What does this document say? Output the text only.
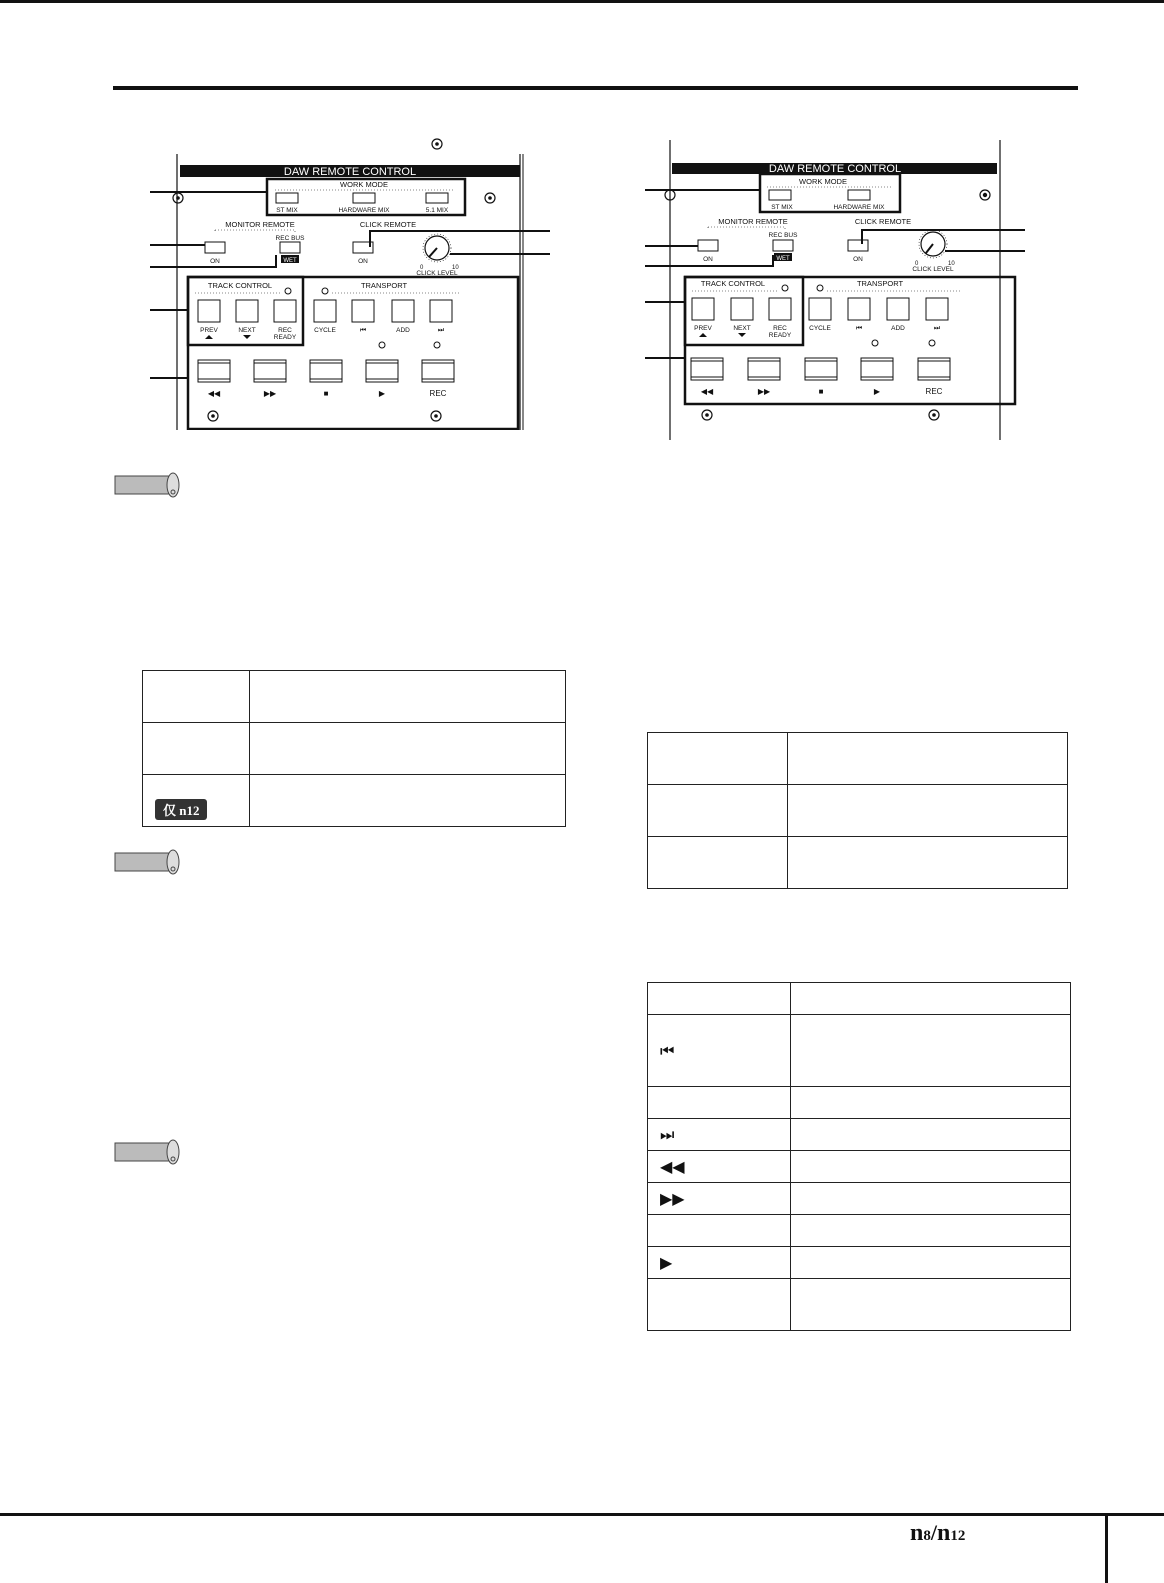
DAW REMOTE CONTROL
WORK MODE
ST MIX	HARDWARE MIX	5.1 MIX
MONITOR REMOTE
ON
REC BUS
WET
CLICK REMOTE
ON
0	10
CLICK LEVEL
TRACK CONTROL	TRANSPORT
PREV	NEXT	REC
READY
CYCLE	⏮	ADD	⏭
◀◀	▶▶	■	▶	REC
DAW REMOTE CONTROL
WORK MODE
ST MIX	HARDWARE MIX
MONITOR REMOTE
ON
REC BUS
WET
CLICK REMOTE
ON
0	10
CLICK LEVEL
TRACK CONTROL	TRANSPORT
PREV	NEXT	REC
READY
CYCLE	⏮	ADD	⏭
◀◀	▶▶	■	▶	REC

仅 n12	

⏮	

⏭	
◀◀	
▶▶	

▶	

n8/n12
